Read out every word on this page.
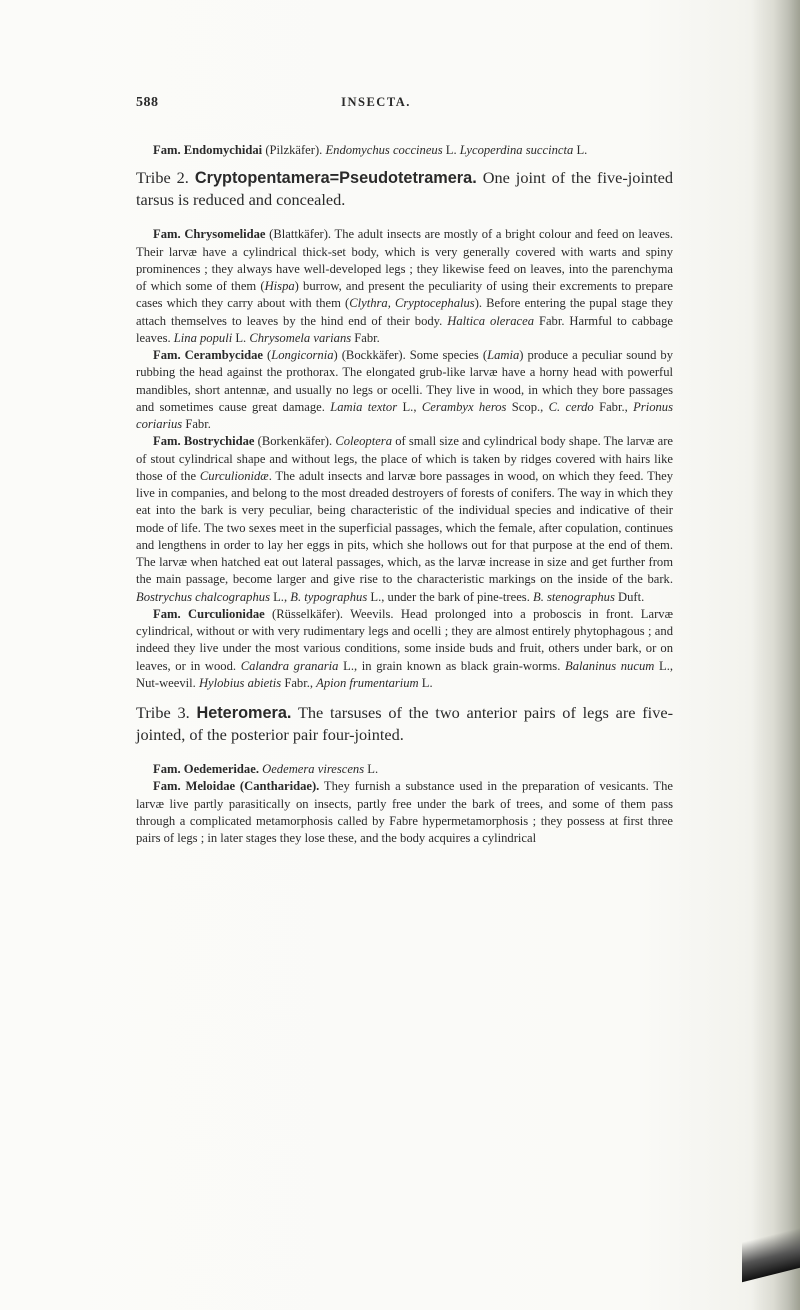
588	INSECTA.

Fam. Endomychidai (Pilzkäfer). Endomychus coccineus L. Lycoperdina succincta L.

Tribe 2. Cryptopentamera=Pseudotetramera. One joint of the five-jointed tarsus is reduced and concealed.

Fam. Chrysomelidae (Blattkäfer). The adult insects are mostly of a bright colour and feed on leaves. Their larvæ have a cylindrical thick-set body, which is very generally covered with warts and spiny prominences ; they always have well-developed legs ; they likewise feed on leaves, into the parenchyma of which some of them (Hispa) burrow, and present the peculiarity of using their excrements to prepare cases which they carry about with them (Clythra, Cryptocephalus). Before entering the pupal stage they attach themselves to leaves by the hind end of their body. Haltica oleracea Fabr. Harmful to cabbage leaves. Lina populi L. Chrysomela varians Fabr.

Fam. Cerambycidae (Longicornia) (Bockkäfer). Some species (Lamia) produce a peculiar sound by rubbing the head against the prothorax. The elongated grub-like larvæ have a horny head with powerful mandibles, short antennæ, and usually no legs or ocelli. They live in wood, in which they bore passages and sometimes cause great damage. Lamia textor L., Cerambyx heros Scop., C. cerdo Fabr., Prionus coriarius Fabr.

Fam. Bostrychidae (Borkenkäfer). Coleoptera of small size and cylindrical body shape. The larvæ are of stout cylindrical shape and without legs, the place of which is taken by ridges covered with hairs like those of the Curculionidæ. The adult insects and larvæ bore passages in wood, on which they feed. They live in companies, and belong to the most dreaded destroyers of forests of conifers. The way in which they eat into the bark is very peculiar, being characteristic of the individual species and indicative of their mode of life. The two sexes meet in the superficial passages, which the female, after copulation, continues and lengthens in order to lay her eggs in pits, which she hollows out for that purpose at the end of them. The larvæ when hatched eat out lateral passages, which, as the larvæ increase in size and get further from the main passage, become larger and give rise to the characteristic markings on the inside of the bark. Bostrychus chalcographus L., B. typographus L., under the bark of pine-trees. B. stenographus Duft.

Fam. Curculionidae (Rüsselkäfer). Weevils. Head prolonged into a proboscis in front. Larvæ cylindrical, without or with very rudimentary legs and ocelli ; they are almost entirely phytophagous ; and indeed they live under the most various conditions, some inside buds and fruit, others under bark, or on leaves, or in wood. Calandra granaria L., in grain known as black grain-worms. Balaninus nucum L., Nut-weevil. Hylobius abietis Fabr., Apion frumentarium L.

Tribe 3. Heteromera. The tarsuses of the two anterior pairs of legs are five-jointed, of the posterior pair four-jointed.

Fam. Oedemeridae. Oedemera virescens L.

Fam. Meloidae (Cantharidae). They furnish a substance used in the preparation of vesicants. The larvæ live partly parasitically on insects, partly free under the bark of trees, and some of them pass through a complicated metamorphosis called by Fabre hypermetamorphosis ; they possess at first three pairs of legs ; in later stages they lose these, and the body acquires a cylindrical
